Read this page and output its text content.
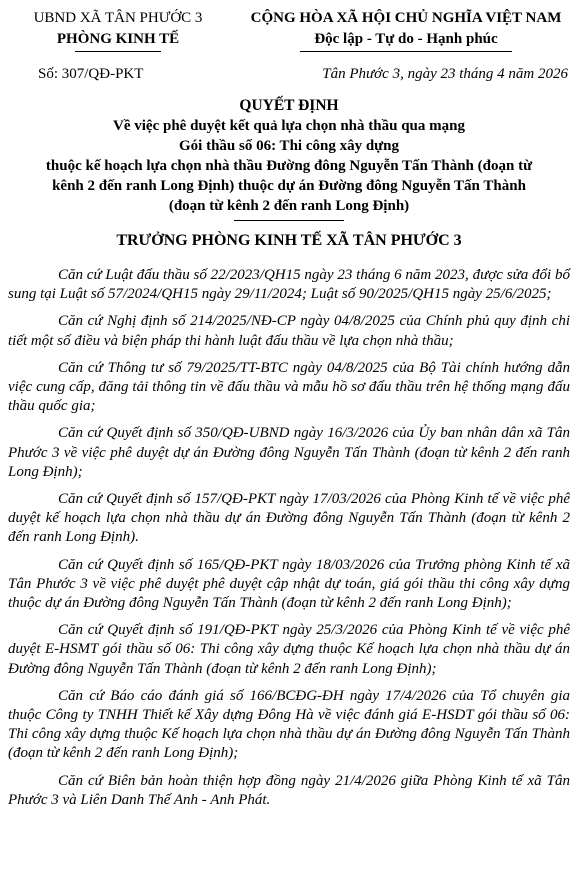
UBND XÃ TÂN PHƯỚC 3
PHÒNG KINH TẾ
CỘNG HÒA XÃ HỘI CHỦ NGHĨA VIỆT NAM
Độc lập - Tự do - Hạnh phúc
Số: 307/QĐ-PKT	Tân Phước 3, ngày 23 tháng 4 năm 2026
QUYẾT ĐỊNH
Về việc phê duyệt kết quả lựa chọn nhà thầu qua mạng
Gói thầu số 06: Thi công xây dựng
thuộc kế hoạch lựa chọn nhà thầu Đường đông Nguyễn Tấn Thành (đoạn từ
kênh 2 đến ranh Long Định) thuộc dự án Đường đông Nguyễn Tấn Thành
(đoạn từ kênh 2 đến ranh Long Định)
TRƯỞNG PHÒNG KINH TẾ XÃ TÂN PHƯỚC 3

Căn cứ Luật đấu thầu số 22/2023/QH15 ngày 23 tháng 6 năm 2023, được sửa đổi bổ sung tại Luật số 57/2024/QH15 ngày 29/11/2024; Luật số 90/2025/QH15 ngày 25/6/2025;

Căn cứ Nghị định số 214/2025/NĐ-CP ngày 04/8/2025 của Chính phủ quy định chi tiết một số điều và biện pháp thi hành luật đấu thầu về lựa chọn nhà thầu;

Căn cứ Thông tư số 79/2025/TT-BTC ngày 04/8/2025 của Bộ Tài chính hướng dẫn việc cung cấp, đăng tải thông tin về đấu thầu và mẫu hồ sơ đấu thầu trên hệ thống mạng đấu thầu quốc gia;

Căn cứ Quyết định số 350/QĐ-UBND ngày 16/3/2026 của Ủy ban nhân dân xã Tân Phước 3 về việc phê duyệt dự án Đường đông Nguyễn Tấn Thành (đoạn từ kênh 2 đến ranh Long Định);

Căn cứ Quyết định số 157/QĐ-PKT ngày 17/03/2026 của Phòng Kinh tế về việc phê duyệt kế hoạch lựa chọn nhà thầu dự án Đường đông Nguyễn Tấn Thành (đoạn từ kênh 2 đến ranh Long Định).

Căn cứ Quyết định số 165/QĐ-PKT ngày 18/03/2026 của Trưởng phòng Kinh tế xã Tân Phước 3 về việc phê duyệt phê duyệt cập nhật dự toán, giá gói thầu thi công xây dựng thuộc dự án Đường đông Nguyễn Tấn Thành (đoạn từ kênh 2 đến ranh Long Định);

Căn cứ Quyết định số 191/QĐ-PKT ngày 25/3/2026 của Phòng Kinh tế về việc phê duyệt E-HSMT gói thầu số 06: Thi công xây dựng thuộc Kế hoạch lựa chọn nhà thầu dự án Đường đông Nguyễn Tấn Thành (đoạn từ kênh 2 đến ranh Long Định);

Căn cứ Báo cáo đánh giá số 166/BCĐG-ĐH ngày 17/4/2026 của Tổ chuyên gia thuộc Công ty TNHH Thiết kế Xây dựng Đông Hà về việc đánh giá E-HSDT gói thầu số 06: Thi công xây dựng thuộc Kế hoạch lựa chọn nhà thầu dự án Đường đông Nguyễn Tấn Thành (đoạn từ kênh 2 đến ranh Long Định);

Căn cứ Biên bản hoàn thiện hợp đồng ngày 21/4/2026 giữa Phòng Kinh tế xã Tân Phước 3 và Liên Danh Thế Anh - Anh Phát.
